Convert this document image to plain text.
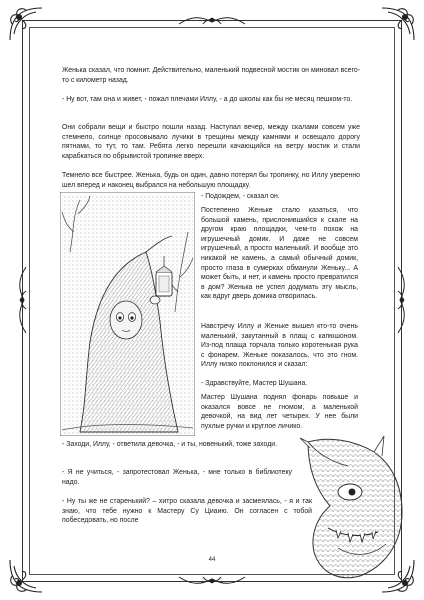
Женька сказал, что помнит. Действительно, маленький подвесной мостик он минoвал всего-то с километр назад.

- Ну вот, там она и живет, - пожал плечами Иллу, - а до школы как бы не месяц пешком-то.

Они собрали вещи и быстро пошли назад. Наступал вечер, между скалами совсем уже стемнело, солнце просовывало лучики в трещины между камнями и освещало дорогу пятнами, то тут, то там. Ребята легко перешли качающийся на ветру мостик и стали карабкаться по обрывистой тропинке вверх.

Темнело все быстрее. Женька, будь он один, давно потерял бы тропинку, но Иллу уверенно шел вперед и наконец выбрался на небольшую площадку.

- Подождем, - сказал он.

Постепенно Женьке стало казаться, что большой камень, прислонившийся к скале на другом краю площадки, чем-то похож на игрушечный домик. И даже не совсем игрушечный, а просто маленький. И вообще это никакой не камень, а самый обычный домик, просто глаза в сумерках обманули Женьку... А может быть, и нет, и камень просто превратился в дом? Женька не успел додумать эту мысль, как вдруг дверь домика отворилась.

Навстречу Иллу и Женьке вышел кто-то очень маленький, закутанный в плащ с капюшоном. Из-под плаща торчала только коротенькая рука с фонарем. Женьке показалось, что это гном. Иллу низко поклонился и сказал:

- Здравствуйте, Мастер Шушана.

Мастер Шушана поднял фонарь повыше и оказался вовсе не гномом, а маленькой девочкой, на вид лет четырех. У нее были пухлые ручки и круглое личико.

- Заходи, Иллу, - ответила девочка, - и ты, новенький, тоже заходи.

- Я не учиться, - запротестовал Женька, - мне только в библиотеку надо.

- Ну ты же не старенький? – хитро сказала девочка и засмеялась, - я и так знаю, что тебе нужно к Мастеру Су Циаию. Он согласен с тобой побеседовать, но после

44
